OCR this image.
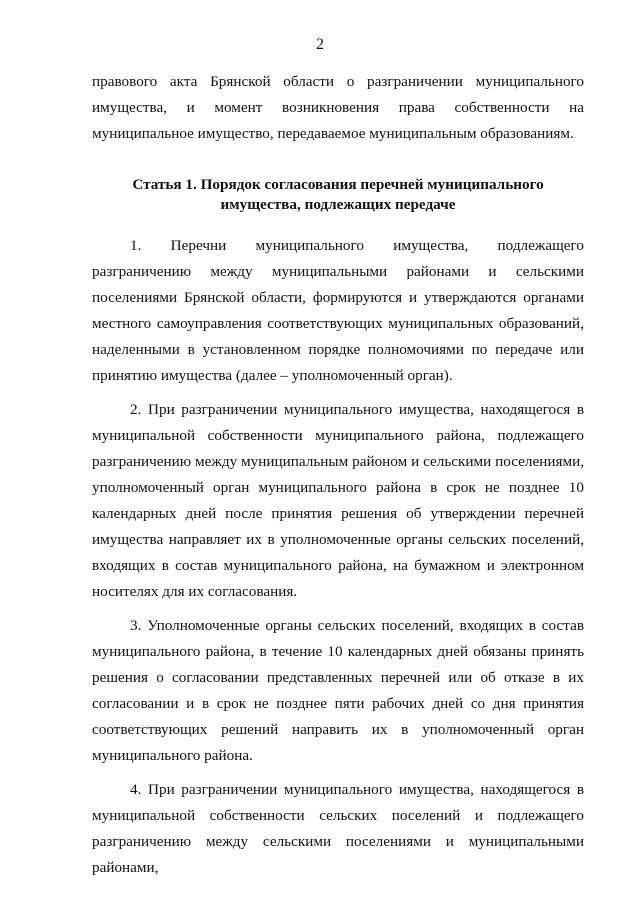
2

правового акта Брянской области о разграничении муниципального имущества, и момент возникновения права собственности на муниципальное имущество, передаваемое муниципальным образованиям.

Статья 1. Порядок согласования перечней муниципального
имущества, подлежащих передаче

1. Перечни муниципального имущества, подлежащего разграничению между муниципальными районами и сельскими поселениями Брянской области, формируются и утверждаются органами местного самоуправления соответствующих муниципальных образований, наделенными в установленном порядке полномочиями по передаче или принятию имущества (далее – уполномоченный орган).

2. При разграничении муниципального имущества, находящегося в муниципальной собственности муниципального района, подлежащего разграничению между муниципальным районом и сельскими поселениями, уполномоченный орган муниципального района в срок не позднее 10 календарных дней после принятия решения об утверждении перечней имущества направляет их в уполномоченные органы сельских поселений, входящих в состав муниципального района, на бумажном и электронном носителях для их согласования.

3. Уполномоченные органы сельских поселений, входящих в состав муниципального района, в течение 10 календарных дней обязаны принять решения о согласовании представленных перечней или об отказе в их согласовании и в срок не позднее пяти рабочих дней со дня принятия соответствующих решений направить их в уполномоченный орган муниципального района.

4. При разграничении муниципального имущества, находящегося в муниципальной собственности сельских поселений и подлежащего разграничению между сельскими поселениями и муниципальными районами,
